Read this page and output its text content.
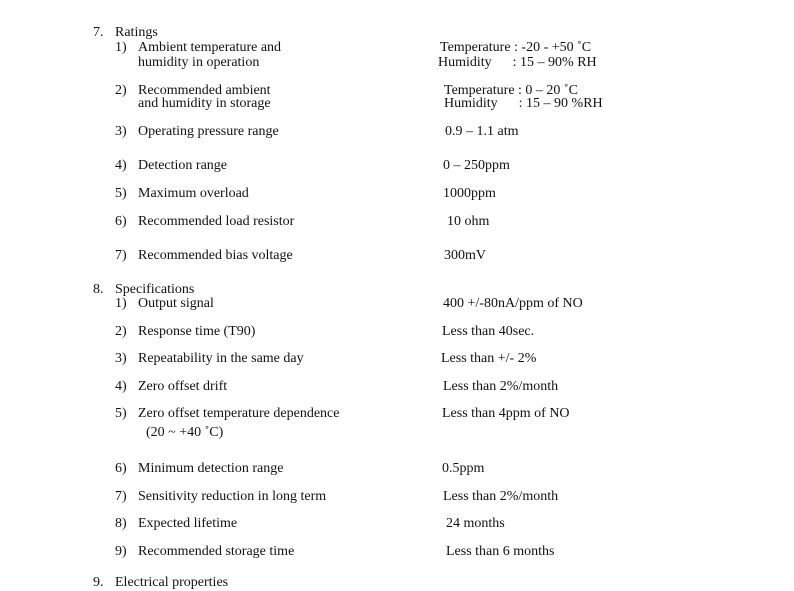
7. Ratings
1) Ambient temperature and
humidity in operation
Temperature : -20 - +50 ˚C
Humidity      : 15 – 90% RH
2) Recommended ambient
and humidity in storage
Temperature : 0 – 20 ˚C
Humidity      : 15 – 90 %RH
3) Operating pressure range	0.9 – 1.1 atm
4) Detection range	0 – 250ppm
5) Maximum overload	1000ppm
6) Recommended load resistor	10 ohm
7) Recommended bias voltage	300mV
8. Specifications
1) Output signal	400 +/-80nA/ppm of NO
2) Response time (T90)	Less than 40sec.
3) Repeatability in the same day	Less than +/- 2%
4) Zero offset drift	Less than 2%/month
5) Zero offset temperature dependence
(20 ~ +40 ˚C)
Less than 4ppm of NO
6) Minimum detection range	0.5ppm
7) Sensitivity reduction in long term	Less than 2%/month
8) Expected lifetime	24 months
9) Recommended storage time	Less than 6 months
9. Electrical properties
